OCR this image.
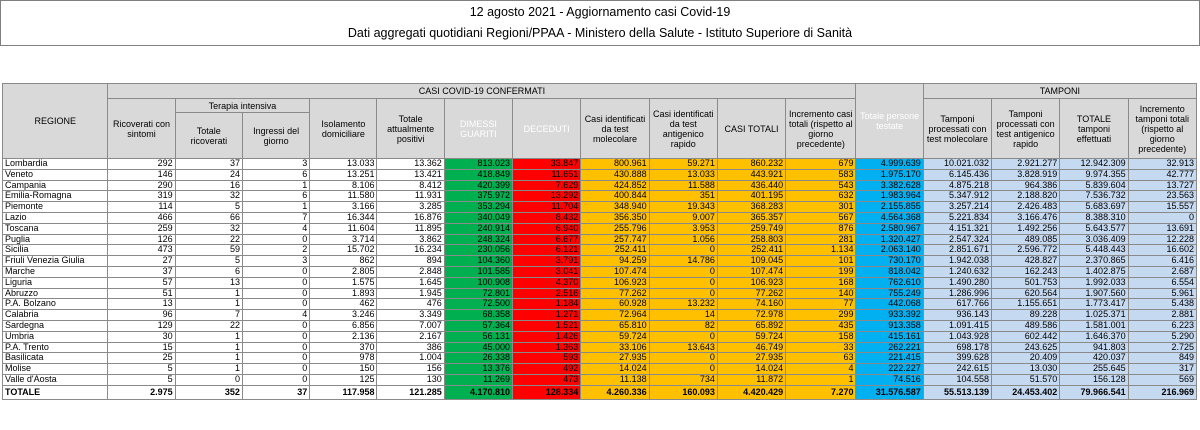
12 agosto 2021 - Aggiornamento casi Covid-19
Dati aggregati quotidiani Regioni/PPAA - Ministero della Salute - Istituto Superiore di Sanità
REGIONE	CASI COVID-19 CONFERMATI											Totale persone testate	TAMPONI			
	Ricoverati con sintomi	Terapia intensiva		Isolamento domiciliare	Totale attualmente positivi	DIMESSI GUARITI	DECEDUTI	Casi identificati da test molecolare	Casi identificati da test antigenico rapido	CASI TOTALI	Incremento casi totali (rispetto al giorno precedente)		Tamponi processati con test molecolare	Tamponi processati con test antigenico rapido	TOTALE tamponi effettuati	Incremento tamponi totali (rispetto al giorno precedente)
		Totale ricoverati	Ingressi del giorno													
Lombardia	292	37	3	13.033	13.362	813.023	33.847	800.961	59.271	860.232	679	4.999.639	10.021.032	2.921.277	12.942.309	32.913
Veneto	146	24	6	13.251	13.421	418.849	11.651	430.888	13.033	443.921	583	1.975.170	6.145.436	3.828.919	9.974.355	42.777
Campania	290	16	1	8.106	8.412	420.399	7.629	424.852	11.588	436.440	543	3.382.628	4.875.218	964.386	5.839.604	13.727
Emilia-Romagna	319	32	6	11.580	11.931	375.972	13.292	400.844	351	401.195	632	1.983.964	5.347.912	2.188.820	7.536.732	23.563
Piemonte	114	5	1	3.166	3.285	353.294	11.704	348.940	19.343	368.283	301	2.155.855	3.257.214	2.426.483	5.683.697	15.557
Lazio	466	66	7	16.344	16.876	340.049	8.432	356.350	9.007	365.357	567	4.564.368	5.221.834	3.166.476	8.388.310	0
Toscana	259	32	4	11.604	11.895	240.914	6.940	255.796	3.953	259.749	876	2.580.967	4.151.321	1.492.256	5.643.577	13.691
Puglia	126	22	0	3.714	3.862	248.324	6.677	257.747	1.056	258.803	281	1.320.427	2.547.324	489.085	3.036.409	12.228
Sicilia	473	59	2	15.702	16.234	230.056	6.121	252.411	0	252.411	1.134	2.063.140	2.851.671	2.596.772	5.448.443	16.602
Friuli Venezia Giulia	27	5	3	862	894	104.360	3.791	94.259	14.786	109.045	101	730.170	1.942.038	428.827	2.370.865	6.416
Marche	37	6	0	2.805	2.848	101.585	3.041	107.474	0	107.474	199	818.042	1.240.632	162.243	1.402.875	2.687
Liguria	57	13	0	1.575	1.645	100.908	4.370	106.923	0	106.923	168	762.610	1.490.280	501.753	1.992.033	6.554
Abruzzo	51	1	0	1.893	1.945	72.801	2.516	77.262	0	77.262	140	755.249	1.286.996	620.564	1.907.560	5.961
P.A. Bolzano	13	1	0	462	476	72.500	1.184	60.928	13.232	74.160	77	442.068	617.766	1.155.651	1.773.417	5.438
Calabria	96	7	4	3.246	3.349	68.358	1.271	72.964	14	72.978	299	933.392	936.143	89.228	1.025.371	2.881
Sardegna	129	22	0	6.856	7.007	57.364	1.521	65.810	82	65.892	435	913.358	1.091.415	489.586	1.581.001	6.223
Umbria	30	1	0	2.136	2.167	56.131	1.426	59.724	0	59.724	158	415.161	1.043.928	602.442	1.646.370	5.290
P.A. Trento	15	1	0	370	386	45.000	1.363	33.106	13.643	46.749	33	262.221	698.178	243.625	941.803	2.725
Basilicata	25	1	0	978	1.004	26.338	593	27.935	0	27.935	63	221.415	399.628	20.409	420.037	849
Molise	5	1	0	150	156	13.376	492	14.024	0	14.024	4	222.227	242.615	13.030	255.645	317
Valle d'Aosta	5	0	0	125	130	11.269	473	11.138	734	11.872	1	74.516	104.558	51.570	156.128	569
TOTALE	2.975	352	37	117.958	121.285	4.170.810	128.334	4.260.336	160.093	4.420.429	7.270	31.576.587	55.513.139	24.453.402	79.966.541	216.969
